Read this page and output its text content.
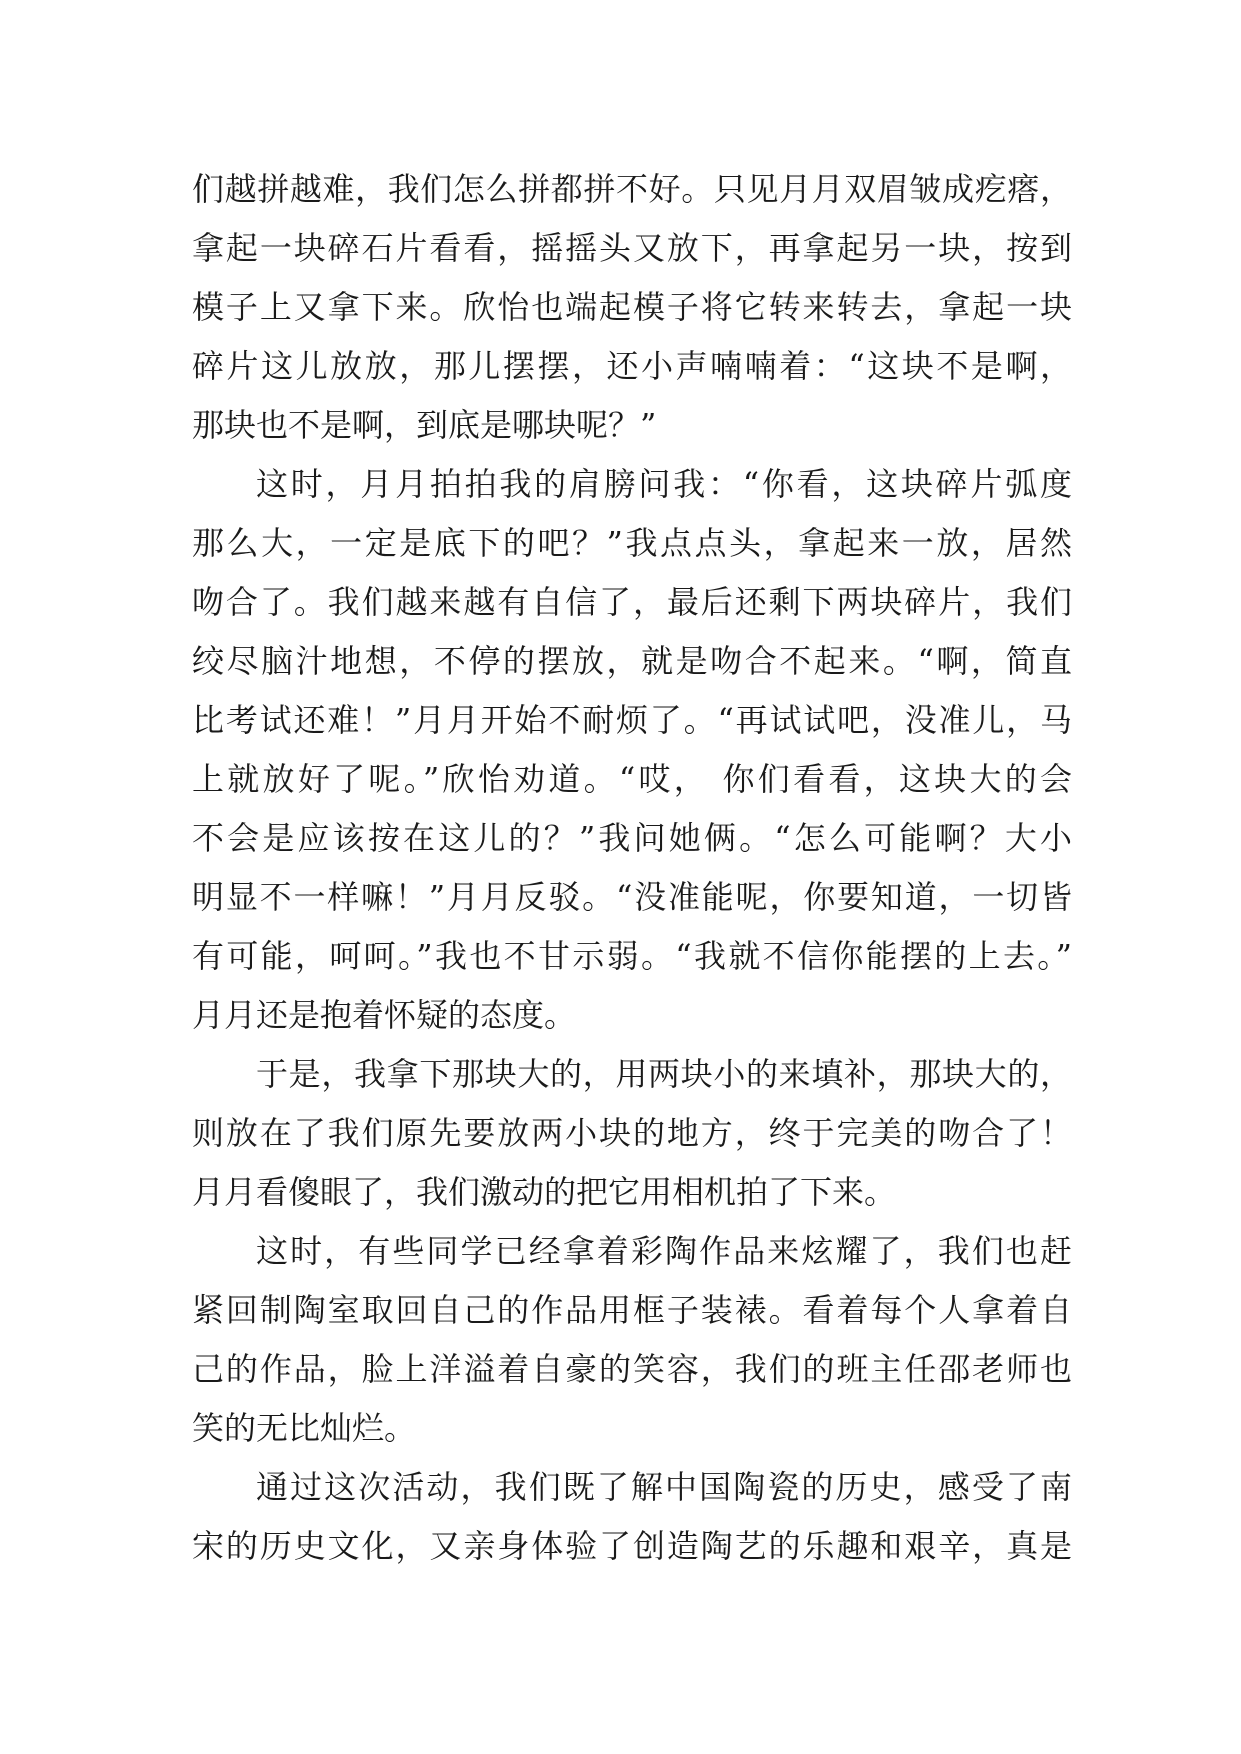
们越拼越难，我们怎么拼都拼不好。只见月月双眉皱成疙瘩，
拿起一块碎石片看看，摇摇头又放下，再拿起另一块，按到
模子上又拿下来。欣怡也端起模子将它转来转去，拿起一块
碎片这儿放放，那儿摆摆，还小声喃喃着：“这块不是啊，
那块也不是啊，到底是哪块呢？”
这时，月月拍拍我的肩膀问我：“你看，这块碎片弧度
那么大，一定是底下的吧？”我点点头，拿起来一放，居然
吻合了。我们越来越有自信了，最后还剩下两块碎片，我们
绞尽脑汁地想，不停的摆放，就是吻合不起来。“啊，简直
比考试还难！”月月开始不耐烦了。“再试试吧，没准儿，马
上就放好了呢。”欣怡劝道。“哎， 你们看看，这块大的会
不会是应该按在这儿的？”我问她俩。“怎么可能啊？大小
明显不一样嘛！”月月反驳。“没准能呢，你要知道，一切皆
有可能，呵呵。”我也不甘示弱。“我就不信你能摆的上去。”
月月还是抱着怀疑的态度。
于是，我拿下那块大的，用两块小的来填补，那块大的，
则放在了我们原先要放两小块的地方，终于完美的吻合了！
月月看傻眼了，我们激动的把它用相机拍了下来。
这时，有些同学已经拿着彩陶作品来炫耀了，我们也赶
紧回制陶室取回自己的作品用框子装裱。看着每个人拿着自
己的作品，脸上洋溢着自豪的笑容，我们的班主任邵老师也
笑的无比灿烂。
通过这次活动，我们既了解中国陶瓷的历史，感受了南
宋的历史文化，又亲身体验了创造陶艺的乐趣和艰辛，真是
